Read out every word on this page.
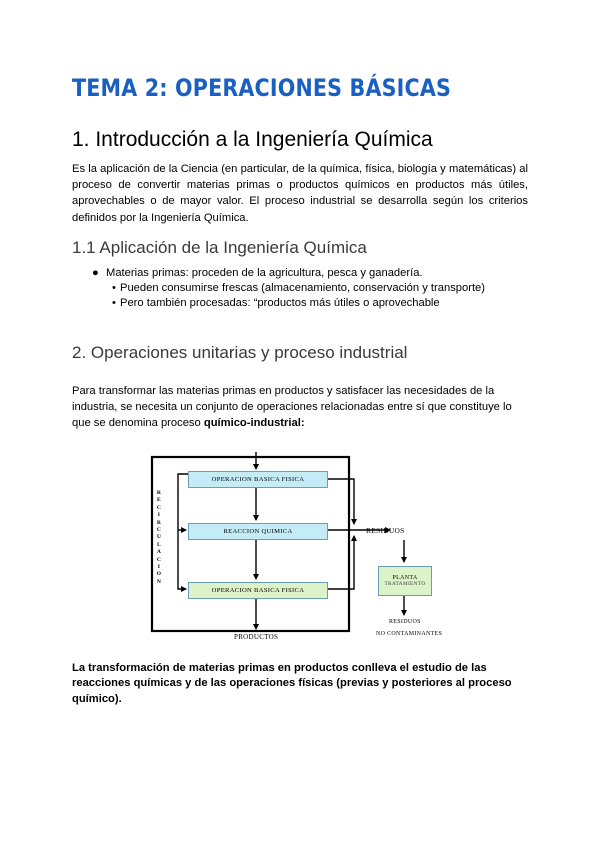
TEMA 2: OPERACIONES BÁSICAS
1. Introducción a la Ingeniería Química
Es la aplicación de la Ciencia (en particular, de la química, física, biología y matemáticas) al proceso de convertir materias primas o productos químicos en productos más útiles, aprovechables o de mayor valor. El proceso industrial se desarrolla según los criterios definidos por la Ingeniería Química.
1.1 Aplicación de la Ingeniería Química
● Materias primas: proceden de la agricultura, pesca y ganadería.
• Pueden consumirse frescas (almacenamiento, conservación y transporte)
• Pero también procesadas: “productos más útiles o aprovechable
2. Operaciones unitarias y proceso industrial
Para transformar las materias primas en productos y satisfacer las necesidades de la industria, se necesita un conjunto de operaciones relacionadas entre sí que constituye lo que se denomina proceso químico-industrial:
OPERACION BASICA FISICA
REACCION QUIMICA
OPERACION BASICA FISICA
RESIDUOS
PLANTA
TRATAMIENTO
PRODUCTOS
RESIDUOS
NO CONTAMINANTES
RECIRCULACION
La transformación de materias primas en productos conlleva el estudio de las reacciones químicas y de las operaciones físicas (previas y posteriores al proceso químico).
